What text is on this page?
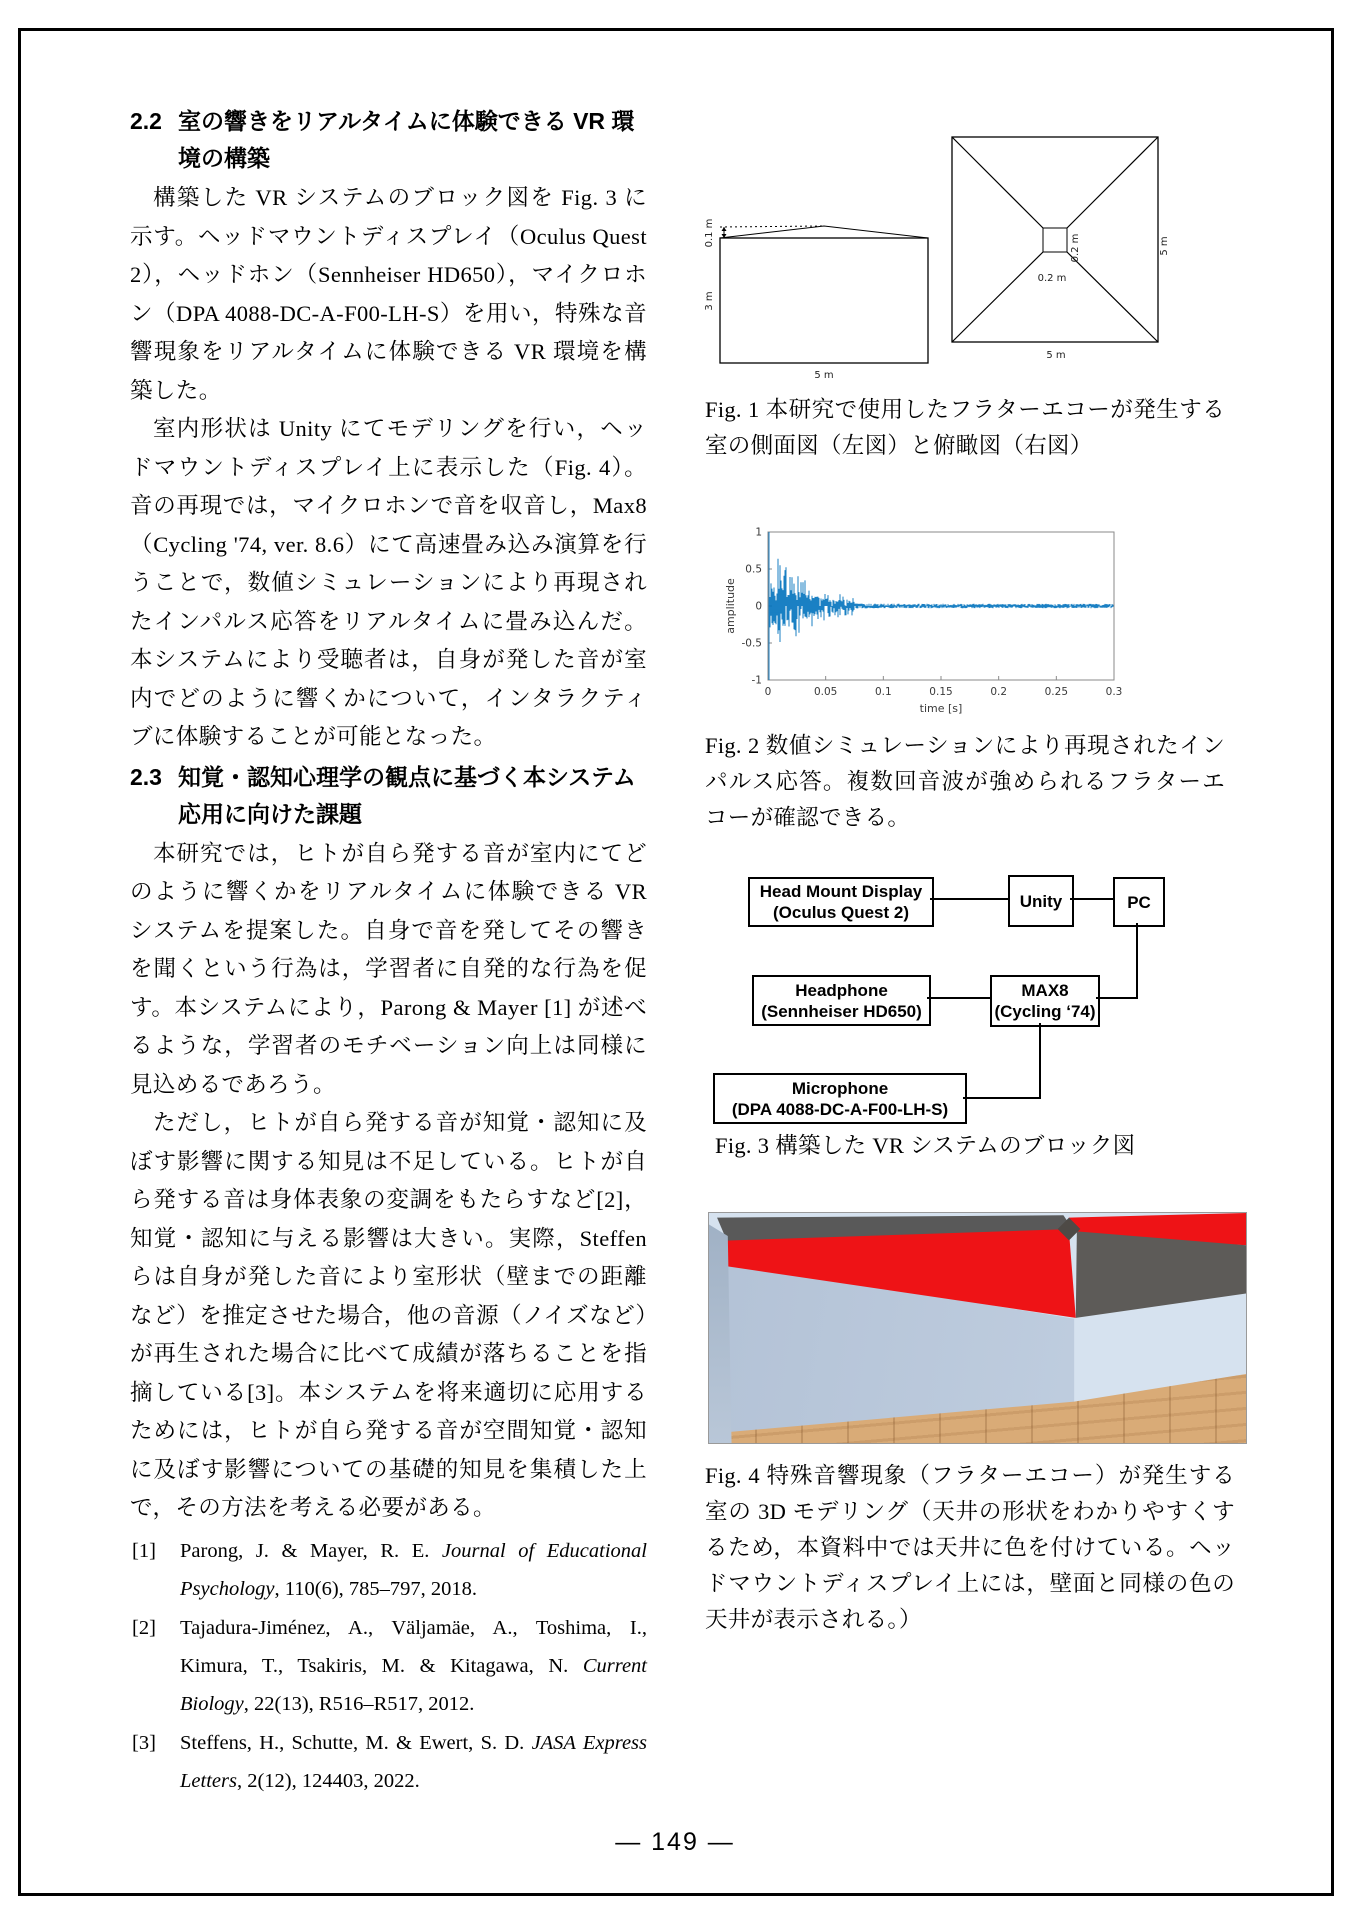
2.2 室の響きをリアルタイムに体験できる VR 環境の構築

構築した VR システムのブロック図を Fig. 3 に示す。ヘッドマウントディスプレイ（Oculus Quest 2），ヘッドホン（Sennheiser HD650），マイクロホン（DPA 4088-DC-A-F00-LH-S）を用い，特殊な音響現象をリアルタイムに体験できる VR 環境を構築した。

室内形状は Unity にてモデリングを行い，ヘッドマウントディスプレイ上に表示した（Fig. 4）。音の再現では，マイクロホンで音を収音し，Max8（Cycling '74, ver. 8.6）にて高速畳み込み演算を行うことで，数値シミュレーションにより再現されたインパルス応答をリアルタイムに畳み込んだ。本システムにより受聴者は，自身が発した音が室内でどのように響くかについて，インタラクティブに体験することが可能となった。

2.3 知覚・認知心理学の観点に基づく本システム応用に向けた課題

本研究では，ヒトが自ら発する音が室内にてどのように響くかをリアルタイムに体験できる VR システムを提案した。自身で音を発してその響きを聞くという行為は，学習者に自発的な行為を促す。本システムにより，Parong & Mayer [1] が述べるような，学習者のモチベーション向上は同様に見込めるであろう。

ただし，ヒトが自ら発する音が知覚・認知に及ぼす影響に関する知見は不足している。ヒトが自ら発する音は身体表象の変調をもたらすなど[2]，知覚・認知に与える影響は大きい。実際，Steffen らは自身が発した音により室形状（壁までの距離など）を推定させた場合，他の音源（ノイズなど）が再生された場合に比べて成績が落ちることを指摘している[3]。本システムを将来適切に応用するためには，ヒトが自ら発する音が空間知覚・認知に及ぼす影響についての基礎的知見を集積した上で，その方法を考える必要がある。

[1] Parong, J. & Mayer, R. E. Journal of Educational Psychology, 110(6), 785–797, 2018.
[2] Tajadura-Jiménez, A., Väljamäe, A., Toshima, I., Kimura, T., Tsakiris, M. & Kitagawa, N. Current Biology, 22(13), R516–R517, 2012.
[3] Steffens, H., Schutte, M. & Ewert, S. D. JASA Express Letters, 2(12), 124403, 2022.
0.1 m
3 m
5 m
0.2 m
0.2 m
5 m
5 m
Fig. 1 本研究で使用したフラターエコーが発生する室の側面図（左図）と俯瞰図（右図）
0	0.05	0.1	0.15	0.2	0.25	0.3
1
0.5
0
-0.5
-1
time [s]
amplitude
Fig. 2 数値シミュレーションにより再現されたインパルス応答。複数回音波が強められるフラターエコーが確認できる。
Head Mount Display
(Oculus Quest 2)
Unity	PC
Headphone
(Sennheiser HD650)
MAX8
(Cycling ‘74)
Microphone
(DPA 4088-DC-A-F00-LH-S)
Fig. 3 構築した VR システムのブロック図
Fig. 4 特殊音響現象（フラターエコー）が発生する室の 3D モデリング（天井の形状をわかりやすくするため，本資料中では天井に色を付けている。ヘッドマウントディスプレイ上には，壁面と同様の色の天井が表示される。）
— 149 —
